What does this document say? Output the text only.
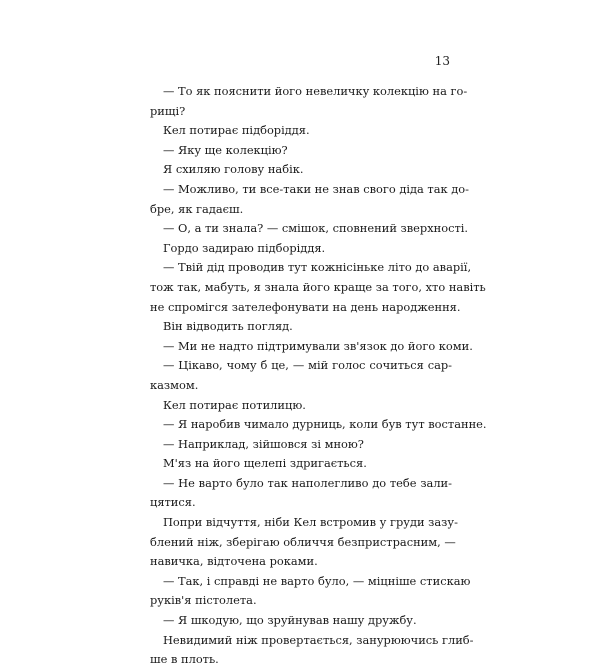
13
— То як пояснити його невеличку колекцію на го-
рищі?
Кел потирає підборіддя.
— Яку ще колекцію?
Я схиляю голову набік.
— Можливо, ти все-таки не знав свого діда так до-
бре, як гадаєш.
— О, а ти знала? — смішок, сповнений зверхності.
Гордо задираю підборіддя.
— Твій дід проводив тут кожнісіньке літо до аварії,
тож так, мабуть, я знала його краще за того, хто навіть
не спромігся зателефонувати на день народження.
Він відводить погляд.
— Ми не надто підтримували зв'язок до його коми.
— Цікаво, чому б це, — мій голос сочиться сар-
казмом.
Кел потирає потилицю.
— Я наробив чимало дурниць, коли був тут востанне.
— Наприклад, зійшовся зі мною?
М'яз на його щелепі здригається.
— Не варто було так наполегливо до тебе зали-
цятися.
Попри відчуття, ніби Кел встромив у груди зазу-
блений ніж, зберігаю обличчя безпристрасним, —
навичка, відточена роками.
— Так, і справді не варто було, — міцніше стискаю
руків'я пістолета.
— Я шкодую, що зруйнував нашу дружбу.
Невидимий ніж провертається, занурюючись глиб-
ше в плоть.
